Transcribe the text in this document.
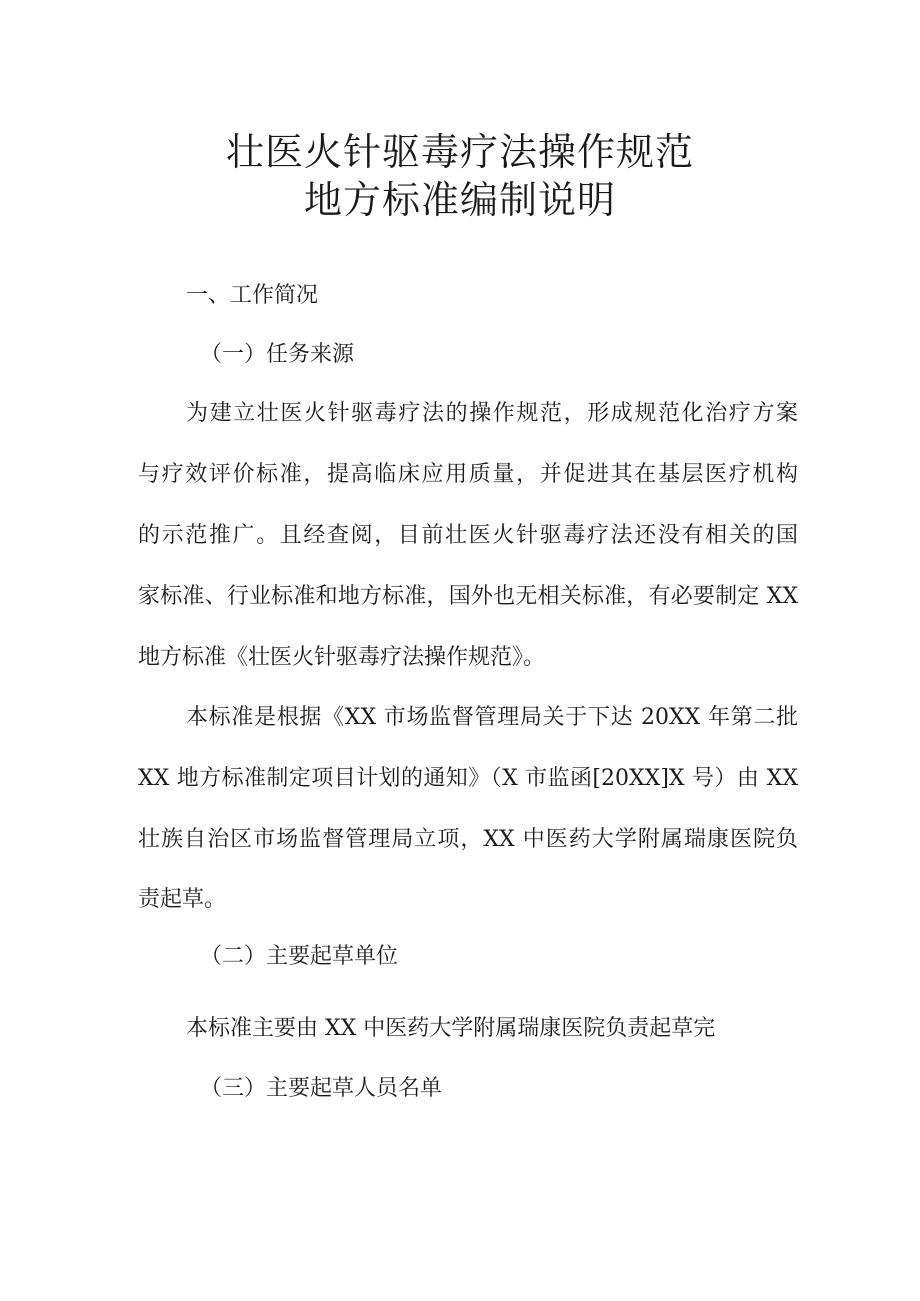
壮医火针驱毒疗法操作规范
地方标准编制说明

一、工作简况

（一）任务来源

为建立壮医火针驱毒疗法的操作规范，形成规范化治疗方案

与疗效评价标准，提高临床应用质量，并促进其在基层医疗机构

的示范推广。且经查阅，目前壮医火针驱毒疗法还没有相关的国

家标准、行业标准和地方标准，国外也无相关标准，有必要制定 XX

地方标准《壮医火针驱毒疗法操作规范》。

本标准是根据《XX 市场监督管理局关于下达 20XX 年第二批

XX 地方标准制定项目计划的通知》（X 市监函[20XX]X 号）由 XX

壮族自治区市场监督管理局立项，XX 中医药大学附属瑞康医院负

责起草。

（二）主要起草单位

本标准主要由 XX 中医药大学附属瑞康医院负责起草完

（三）主要起草人员名单
